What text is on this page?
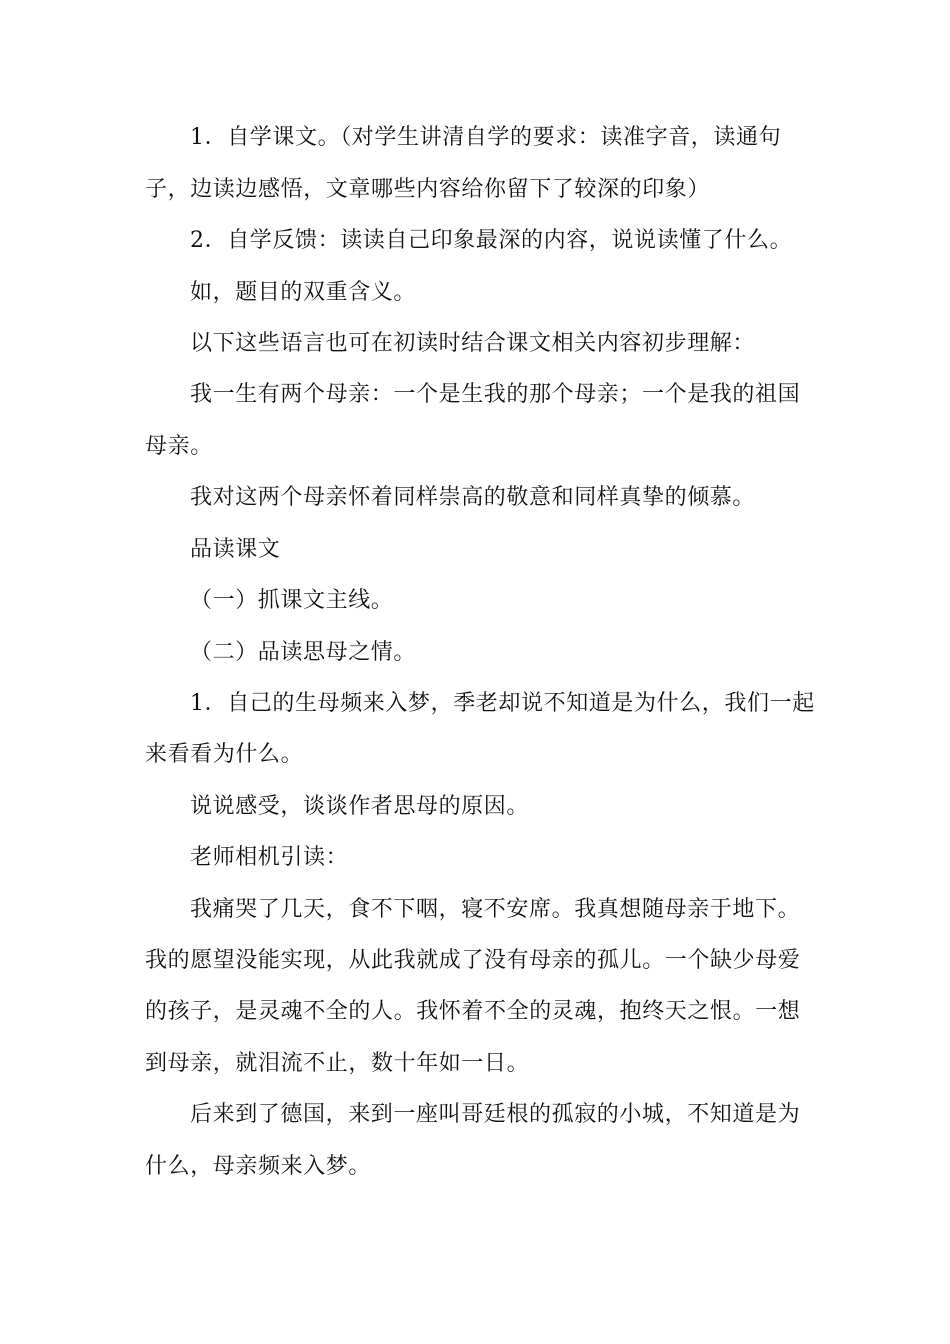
1．自学课文。（对学生讲清自学的要求：读准字音，读通句
子，边读边感悟，文章哪些内容给你留下了较深的印象）
2．自学反馈：读读自己印象最深的内容，说说读懂了什么。
如，题目的双重含义。
以下这些语言也可在初读时结合课文相关内容初步理解：
我一生有两个母亲：一个是生我的那个母亲；一个是我的祖国
母亲。
我对这两个母亲怀着同样崇高的敬意和同样真挚的倾慕。
品读课文
（一）抓课文主线。
（二）品读思母之情。
1．自己的生母频来入梦，季老却说不知道是为什么，我们一起
来看看为什么。
说说感受，谈谈作者思母的原因。
老师相机引读：
我痛哭了几天，食不下咽，寝不安席。我真想随母亲于地下。
我的愿望没能实现，从此我就成了没有母亲的孤儿。一个缺少母爱
的孩子，是灵魂不全的人。我怀着不全的灵魂，抱终天之恨。一想
到母亲，就泪流不止，数十年如一日。
后来到了德国，来到一座叫哥廷根的孤寂的小城，不知道是为
什么，母亲频来入梦。
